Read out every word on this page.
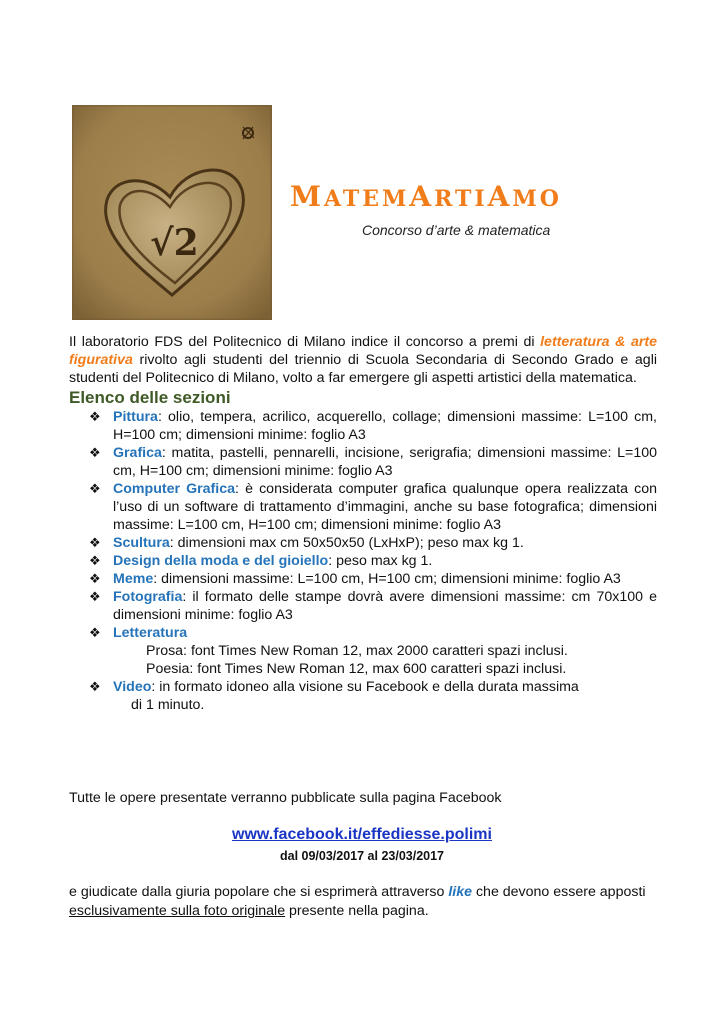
√2
MATEMARTIAMO

Concorso d’arte & matematica

Il laboratorio FDS del Politecnico di Milano indice il concorso a premi di letteratura & arte figurativa rivolto agli studenti del triennio di Scuola Secondaria di Secondo Grado e agli studenti del Politecnico di Milano, volto a far emergere gli aspetti artistici della matematica.

Elenco delle sezioni
❖ Pittura: olio, tempera, acrilico, acquerello, collage; dimensioni massime: L=100 cm, H=100 cm; dimensioni minime: foglio A3
❖ Grafica: matita, pastelli, pennarelli, incisione, serigrafia; dimensioni massime: L=100 cm, H=100 cm; dimensioni minime: foglio A3
❖ Computer Grafica: è considerata computer grafica qualunque opera realizzata con l’uso di un software di trattamento d’immagini, anche su base fotografica; dimensioni massime: L=100 cm, H=100 cm; dimensioni minime: foglio A3
❖ Scultura: dimensioni max cm 50x50x50 (LxHxP); peso max kg 1.
❖ Design della moda e del gioiello: peso max kg 1.
❖ Meme: dimensioni massime: L=100 cm, H=100 cm; dimensioni minime: foglio A3
❖ Fotografia: il formato delle stampe dovrà avere dimensioni massime: cm 70x100 e dimensioni minime: foglio A3
❖ Letteratura
Prosa: font Times New Roman 12, max 2000 caratteri spazi inclusi.
Poesia: font Times New Roman 12, max 600 caratteri spazi inclusi.
❖ Video: in formato idoneo alla visione su Facebook e della durata massima
di 1 minuto.

Tutte le opere presentate verranno pubblicate sulla pagina Facebook

www.facebook.it/effediesse.polimi

dal 09/03/2017 al 23/03/2017

e giudicate dalla giuria popolare che si esprimerà attraverso like che devono essere apposti esclusivamente sulla foto originale presente nella pagina.
